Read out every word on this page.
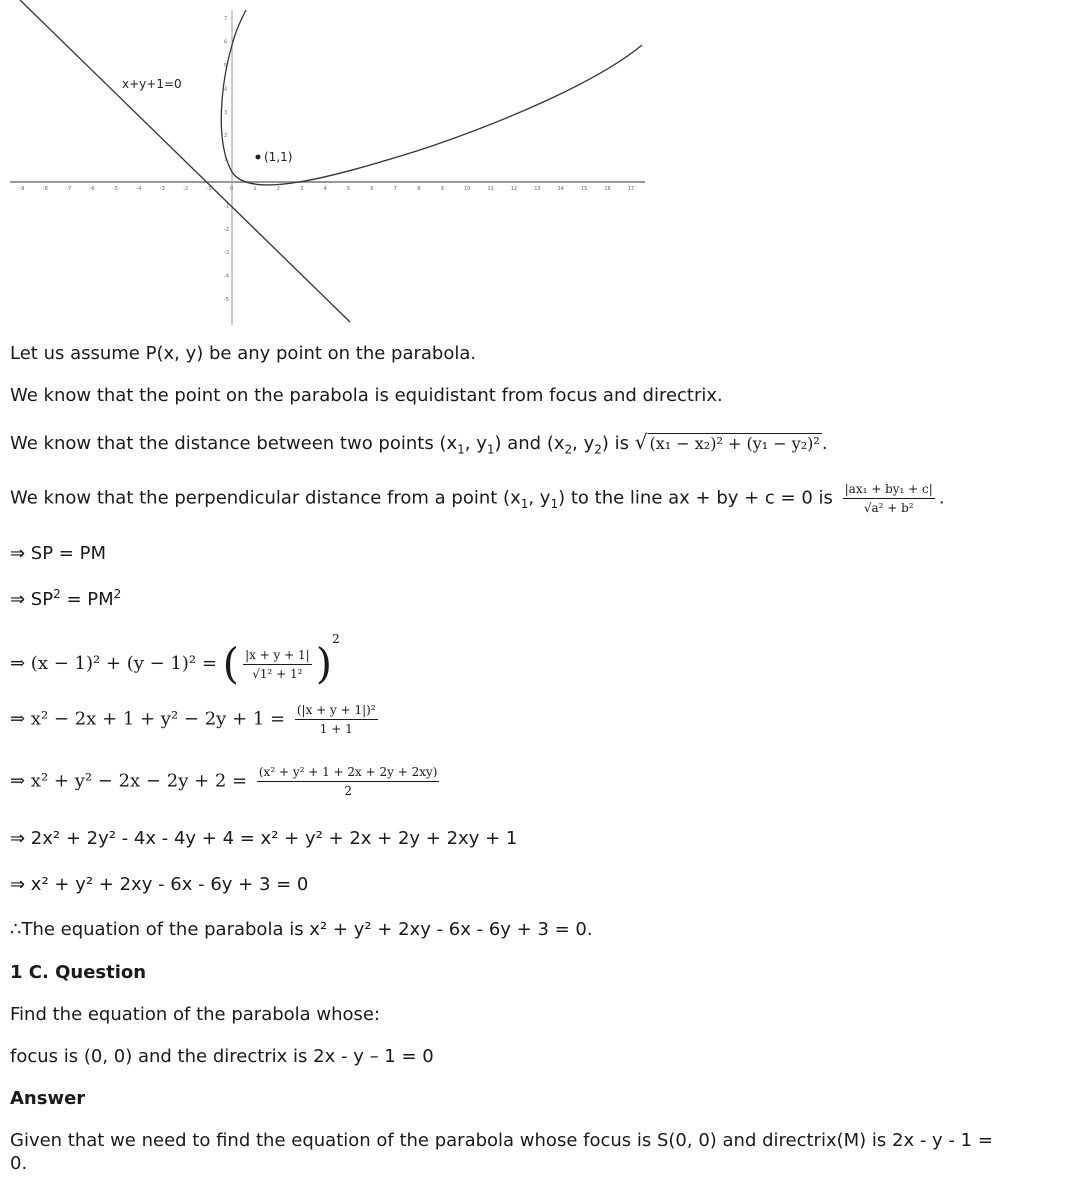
-9	-8	-7	-6	-5	-4	-3	-2	-1	0	1	2	3	4	5	6	7	8	9	10	11	12	13	14	15	16	17
7
6
5
4
3
2
1
-1
-2
-3
-4
-5
x+y+1=0
(1,1)
Let us assume P(x, y) be any point on the parabola.
We know that the point on the parabola is equidistant from focus and directrix.
We know that the distance between two points ($x_1$, $y_1$) and ($x_2$, $y_2$) is √ (x₁ − x₂)² + (y₁ − y₂)² .
We know that the perpendicular distance from a point ($x_1$, $y_1$) to the line ax + by + c = 0 is $\frac{\text{|ax₁ + by₁ + c|}}{\text{√a² + b²}}$ .
⇒ SP = PM
⇒ $SP^2 = PM^2$
⇒ (x − 1)² + (y − 1)² = ( $\frac{|x + y + 1|}{\text{√1² + 1²}} )^2$
⇒ $x^2 - 2x + 1 + y^2 - 2y + 1 = \frac{\text{(|x + y + 1|)²}}{1 + 1}$
⇒ $x^2 + y^2 - 2x - 2y + 2 = \frac{\text{(x² + y² + 1 + 2x + 2y + 2xy)}}{2}$
⇒ 2x² + 2y² - 4x - 4y + 4 = x² + y² + 2x + 2y + 2xy + 1
⇒ x² + y² + 2xy - 6x - 6y + 3 = 0
∴The equation of the parabola is x² + y² + 2xy - 6x - 6y + 3 = 0.
1 C. Question
Find the equation of the parabola whose:
focus is (0, 0) and the directrix is 2x - y – 1 = 0
Answer
Given that we need to find the equation of the parabola whose focus is S(0, 0) and directrix(M) is 2x - y - 1 =
0.
